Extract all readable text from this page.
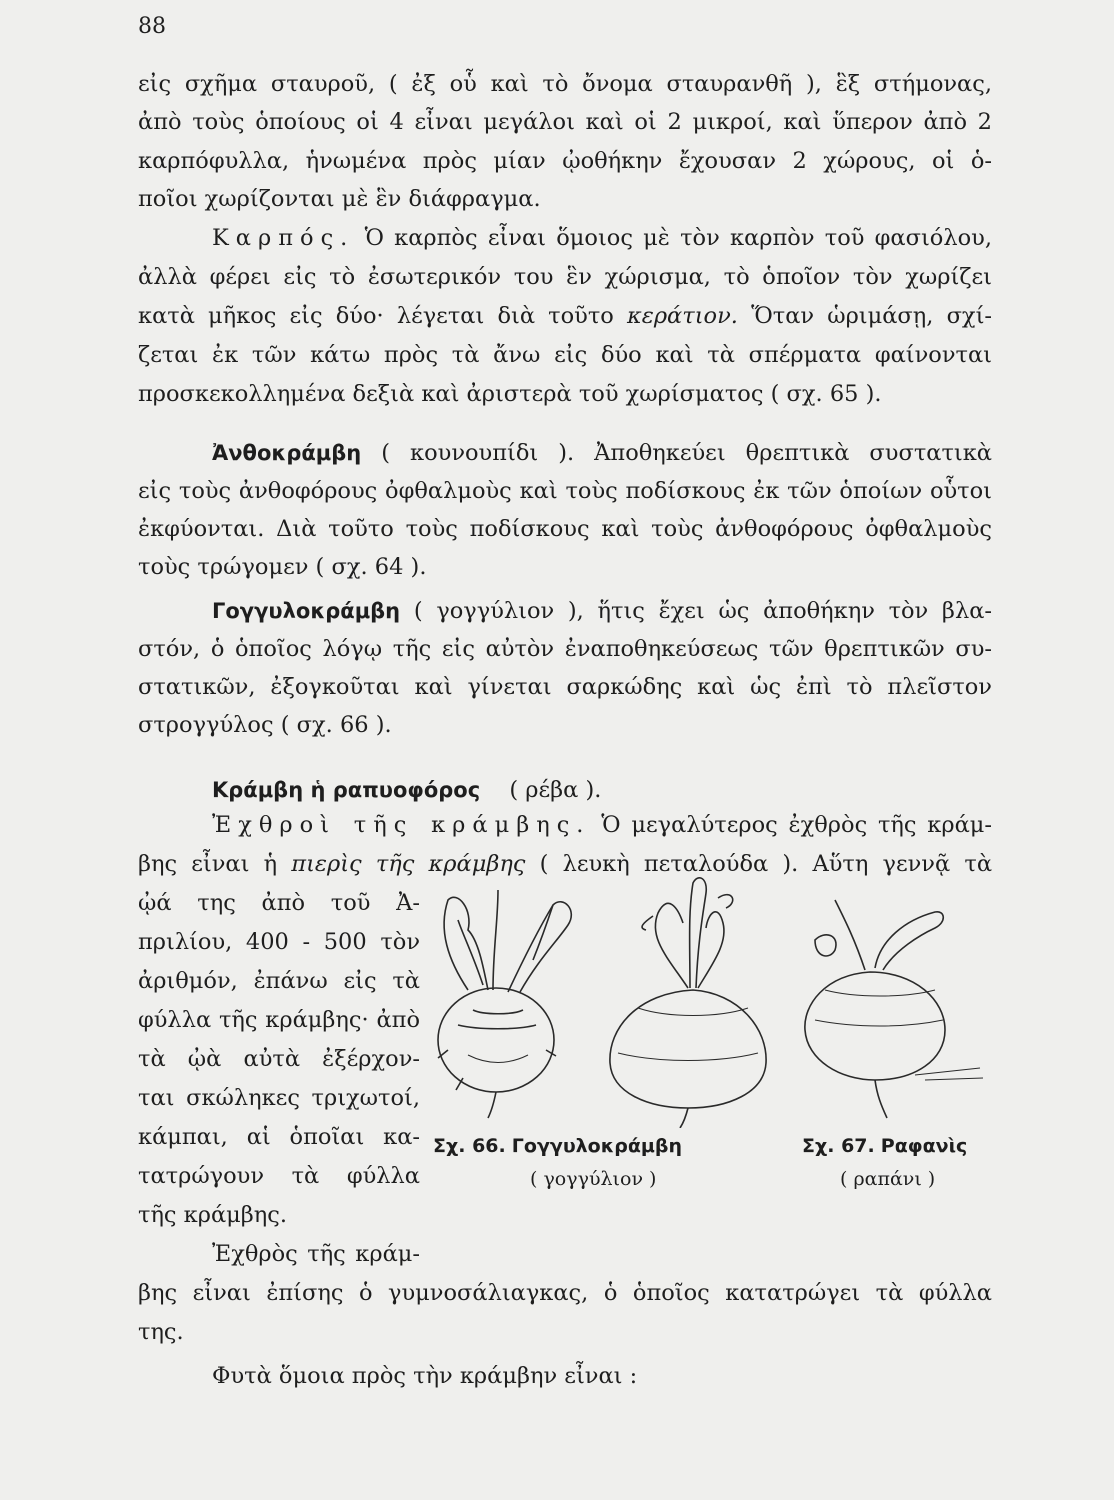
88
εἰς σχῆμα σταυροῦ, ( ἐξ οὗ καὶ τὸ ὄνομα σταυρανθῆ ), ἓξ στήμονας,
ἀπὸ τοὺς ὁποίους οἱ 4 εἶναι μεγάλοι καὶ οἱ 2 μικροί, καὶ ὕπερον ἀπὸ 2
καρπόφυλλα, ἡνωμένα πρὸς μίαν ᾠοθήκην ἔχουσαν 2 χώρους, οἱ ὁ-
ποῖοι χωρίζονται μὲ ἓν διάφραγμα.
Καρπός. Ὁ καρπὸς εἶναι ὅμοιος μὲ τὸν καρπὸν τοῦ φασιόλου,
ἀλλὰ φέρει εἰς τὸ ἐσωτερικόν του ἓν χώρισμα, τὸ ὁποῖον τὸν χωρίζει
κατὰ μῆκος εἰς δύο· λέγεται διὰ τοῦτο κεράτιον. Ὅταν ὡριμάσῃ, σχί-
ζεται ἐκ τῶν κάτω πρὸς τὰ ἄνω εἰς δύο καὶ τὰ σπέρματα φαίνονται
προσκεκολλημένα δεξιὰ καὶ ἀριστερὰ τοῦ χωρίσματος ( σχ. 65 ).
Ἀνθοκράμβη ( κουνουπίδι ). Ἀποθηκεύει θρεπτικὰ συστατικὰ
εἰς τοὺς ἀνθοφόρους ὀφθαλμοὺς καὶ τοὺς ποδίσκους ἐκ τῶν ὁποίων οὗτοι
ἐκφύονται. Διὰ τοῦτο τοὺς ποδίσκους καὶ τοὺς ἀνθοφόρους ὀφθαλμοὺς
τοὺς τρώγομεν ( σχ. 64 ).
Γογγυλοκράμβη ( γογγύλιον ), ἥτις ἔχει ὡς ἀποθήκην τὸν βλα-
στόν, ὁ ὁποῖος λόγῳ τῆς εἰς αὐτὸν ἐναποθηκεύσεως τῶν θρεπτικῶν συ-
στατικῶν, ἐξογκοῦται καὶ γίνεται σαρκώδης καὶ ὡς ἐπὶ τὸ πλεῖστον
στρογγύλος ( σχ. 66 ).
Κράμβη ἡ ραπυοφόρος ( ρέβα ).
Ἐχθροὶ τῆς κράμβης. Ὁ μεγαλύτερος ἐχθρὸς τῆς κράμ-
βης εἶναι ἡ πιερὶς τῆς κράμβης ( λευκὴ πεταλούδα ). Αὕτη γεννᾷ τὰ
ᾠά της ἀπὸ τοῦ Ἀ-
πριλίου, 400 - 500 τὸν
ἀριθμόν, ἐπάνω εἰς τὰ
φύλλα τῆς κράμβης· ἀπὸ
τὰ ᾠὰ αὐτὰ ἐξέρχον-
ται σκώληκες τριχωτοί,
κάμπαι, αἱ ὁποῖαι κα-
τατρώγουν τὰ φύλλα
τῆς κράμβης.
Ἐχθρὸς τῆς κράμ-
βης εἶναι ἐπίσης ὁ γυμνοσάλιαγκας, ὁ ὁποῖος κατατρώγει τὰ φύλλα
της.
Φυτὰ ὅμοια πρὸς τὴν κράμβην εἶναι :
Σχ. 66. Γογγυλοκράμβη
( γογγύλιον )
Σχ. 67. Ραφανὶς
( ραπάνι )
